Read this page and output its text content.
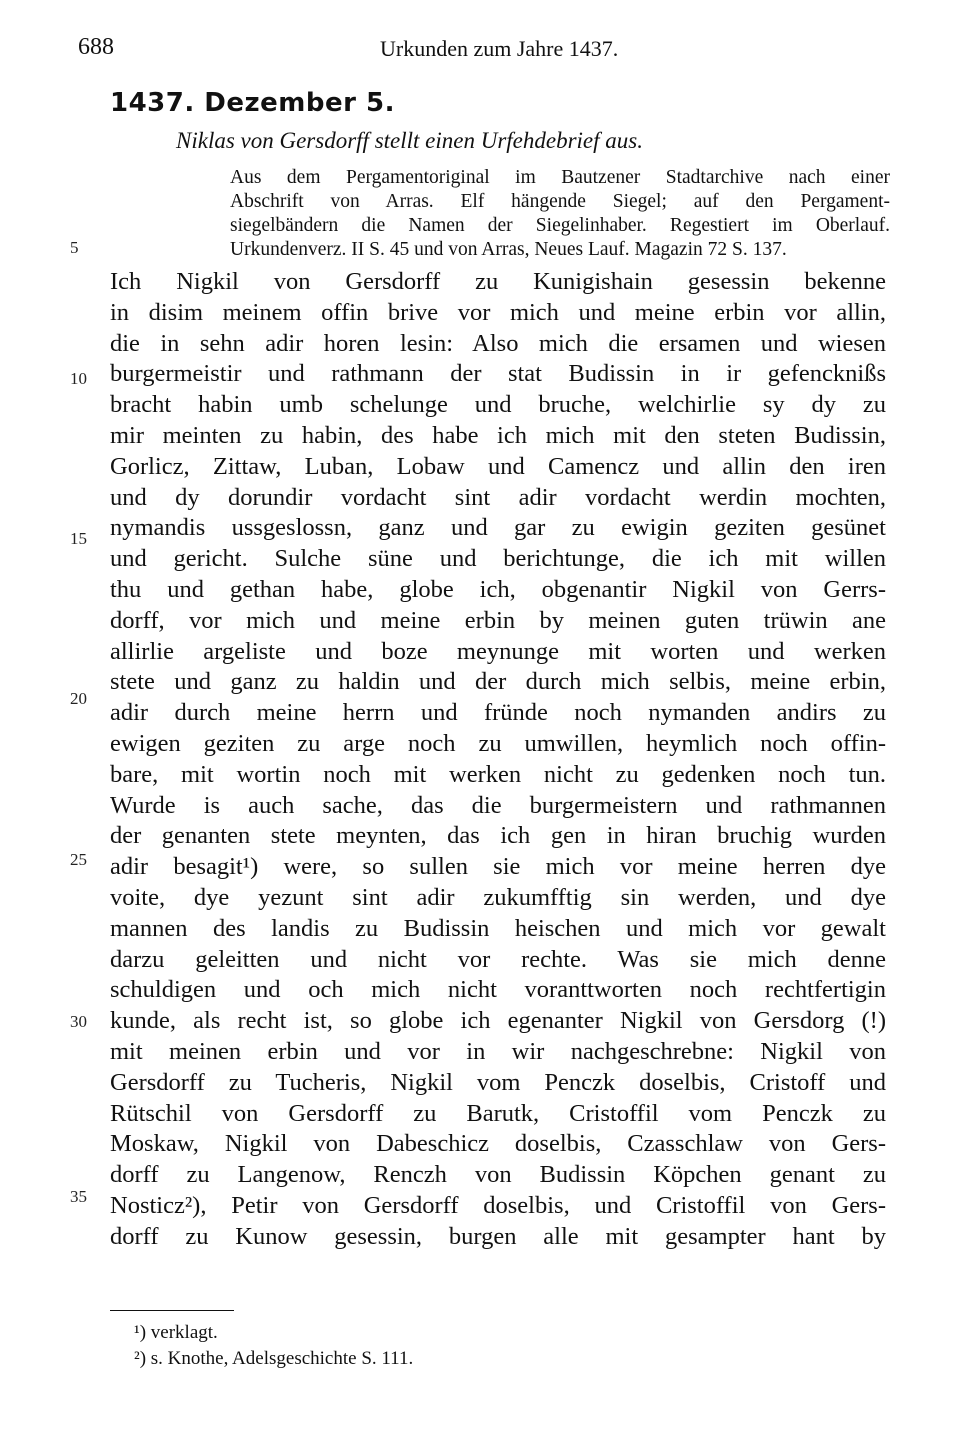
688	Urkunden zum Jahre 1437.
1437. Dezember 5.
Niklas von Gersdorff stellt einen Urfehdebrief aus.
Aus dem Pergamentoriginal im Bautzener Stadtarchive nach einer
Abschrift von Arras. Elf hängende Siegel; auf den Pergament-
siegelbändern die Namen der Siegelinhaber. Regestiert im Oberlauf.
Urkundenverz. II S. 45 und von Arras, Neues Lauf. Magazin 72 S. 137.
5
10
15
20
25
30
35
Ich Nigkil von Gersdorff zu Kunigishain gesessin bekenne
in disim meinem offin brive vor mich und meine erbin vor allin,
die in sehn adir horen lesin: Also mich die ersamen und wiesen
burgermeistir und rathmann der stat Budissin in ir gefencknißs
bracht habin umb schelunge und bruche, welchirlie sy dy zu
mir meinten zu habin, des habe ich mich mit den steten Budissin,
Gorlicz, Zittaw, Luban, Lobaw und Camencz und allin den iren
und dy dorundir vordacht sint adir vordacht werdin mochten,
nymandis ussgeslossn, ganz und gar zu ewigin geziten gesünet
und gericht. Sulche süne und berichtunge, die ich mit willen
thu und gethan habe, globe ich, obgenantir Nigkil von Gerrs-
dorff, vor mich und meine erbin by meinen guten trüwin ane
allirlie argeliste und boze meynunge mit worten und werken
stete und ganz zu haldin und der durch mich selbis, meine erbin,
adir durch meine herrn und fründe noch nymanden andirs zu
ewigen geziten zu arge noch zu umwillen, heymlich noch offin-
bare, mit wortin noch mit werken nicht zu gedenken noch tun.
Wurde is auch sache, das die burgermeistern und rathmannen
der genanten stete meynten, das ich gen in hiran bruchig wurden
adir besagit¹) were, so sullen sie mich vor meine herren dye
voite, dye yezunt sint adir zukumfftig sin werden, und dye
mannen des landis zu Budissin heischen und mich vor gewalt
darzu geleitten und nicht vor rechte. Was sie mich denne
schuldigen und och mich nicht voranttworten noch rechtfertigin
kunde, als recht ist, so globe ich egenanter Nigkil von Gersdorg (!)
mit meinen erbin und vor in wir nachgeschrebne: Nigkil von
Gersdorff zu Tucheris, Nigkil vom Penczk doselbis, Cristoff und
Rütschil von Gersdorff zu Barutk, Cristoffil vom Penczk zu
Moskaw, Nigkil von Dabeschicz doselbis, Czasschlaw von Gers-
dorff zu Langenow, Renczh von Budissin Köpchen genant zu
Nosticz²), Petir von Gersdorff doselbis, und Cristoffil von Gers-
dorff zu Kunow gesessin, burgen alle mit gesampter hant by
¹) verklagt.
²) s. Knothe, Adelsgeschichte S. 111.
